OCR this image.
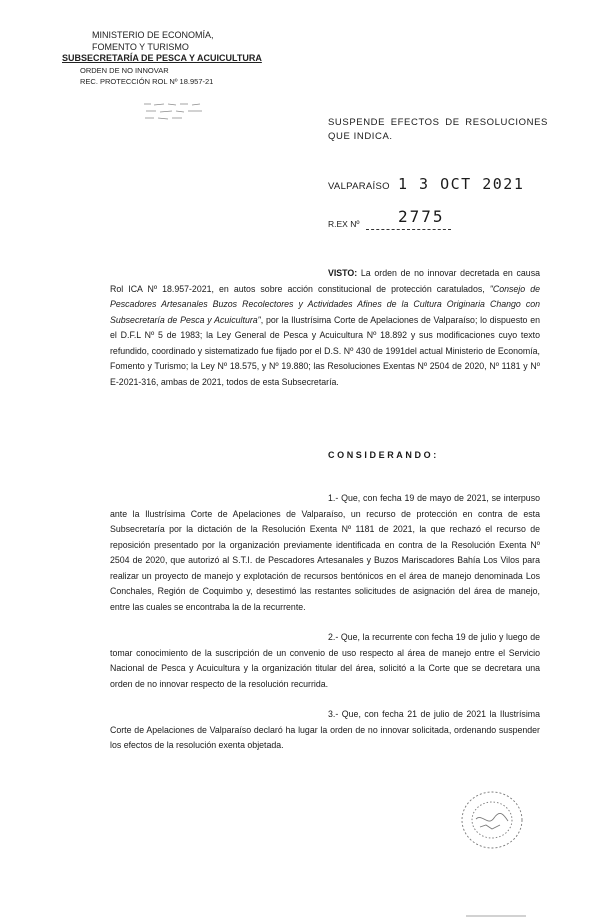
MINISTERIO DE ECONOMÍA,
FOMENTO Y TURISMO
SUBSECRETARÍA DE PESCA Y ACUICULTURA
ORDEN DE NO INNOVAR
REC. PROTECCIÓN ROL Nº 18.957-21
SUSPENDE EFECTOS DE RESOLUCIONES QUE INDICA.
VALPARAÍSO 1 3 OCT 2021
R.EX Nº 2775
VISTO: La orden de no innovar decretada en causa Rol ICA Nº 18.957-2021, en autos sobre acción constitucional de protección caratulados, "Consejo de Pescadores Artesanales Buzos Recolectores y Actividades Afines de la Cultura Originaria Chango con Subsecretaría de Pesca y Acuicultura", por la Ilustrísima Corte de Apelaciones de Valparaíso; lo dispuesto en el D.F.L Nº 5 de 1983; la Ley General de Pesca y Acuicultura Nº 18.892 y sus modificaciones cuyo texto refundido, coordinado y sistematizado fue fijado por el D.S. Nº 430 de 1991del actual Ministerio de Economía, Fomento y Turismo; la Ley Nº 18.575, y Nº 19.880; las Resoluciones Exentas Nº 2504 de 2020, Nº 1181 y Nº E-2021-316, ambas de 2021, todos de esta Subsecretaría.
CONSIDERANDO:
1.- Que, con fecha 19 de mayo de 2021, se interpuso ante la Ilustrísima Corte de Apelaciones de Valparaíso, un recurso de protección en contra de esta Subsecretaría por la dictación de la Resolución Exenta Nº 1181 de 2021, la que rechazó el recurso de reposición presentado por la organización previamente identificada en contra de la Resolución Exenta Nº 2504 de 2020, que autorizó al S.T.I. de Pescadores Artesanales y Buzos Mariscadores Bahía Los Vilos para realizar un proyecto de manejo y explotación de recursos bentónicos en el área de manejo denominada Los Conchales, Región de Coquimbo y, desestimó las restantes solicitudes de asignación del área de manejo, entre las cuales se encontraba la de la recurrente.
2.- Que, la recurrente con fecha 19 de julio y luego de tomar conocimiento de la suscripción de un convenio de uso respecto al área de manejo entre el Servicio Nacional de Pesca y Acuicultura y la organización titular del área, solicitó a la Corte que se decretara una orden de no innovar respecto de la resolución recurrida.
3.- Que, con fecha 21 de julio de 2021 la Ilustrísima Corte de Apelaciones de Valparaíso declaró ha lugar la orden de no innovar solicitada, ordenando suspender los efectos de la resolución exenta objetada.
